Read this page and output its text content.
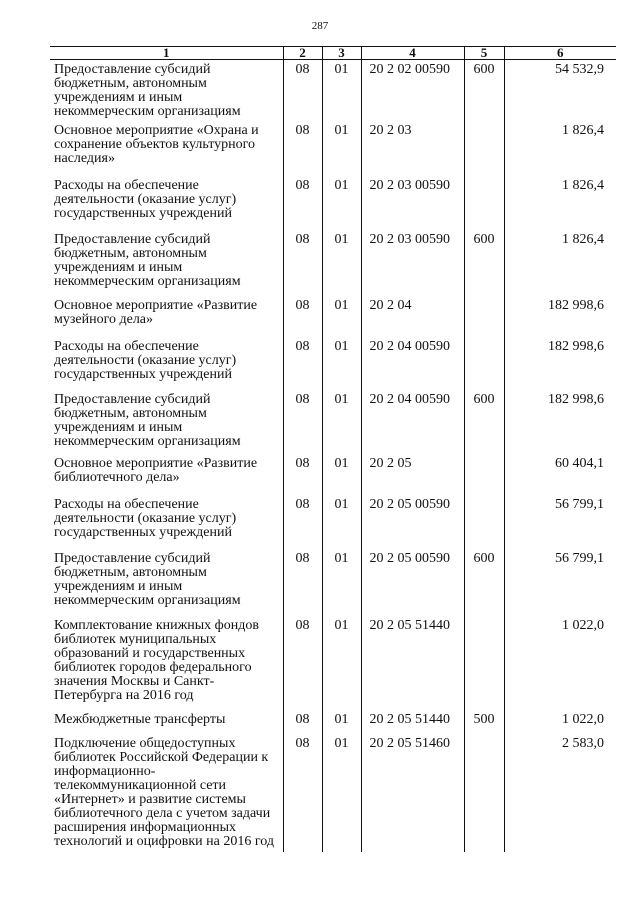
287
1	2	3	4	5	6
Предоставление субсидий бюджетным, автономным учреждениям и иным некоммерческим организациям	08	01	20 2 02 00590	600	54 532,9
Основное мероприятие «Охрана и сохранение объектов культурного наследия»	08	01	20 2 03		1 826,4
Расходы на обеспечение деятельности (оказание услуг) государственных учреждений	08	01	20 2 03 00590		1 826,4
Предоставление субсидий бюджетным, автономным учреждениям и иным некоммерческим организациям	08	01	20 2 03 00590	600	1 826,4
Основное мероприятие «Развитие музейного дела»	08	01	20 2 04		182 998,6
Расходы на обеспечение деятельности (оказание услуг) государственных учреждений	08	01	20 2 04 00590		182 998,6
Предоставление субсидий бюджетным, автономным учреждениям и иным некоммерческим организациям	08	01	20 2 04 00590	600	182 998,6
Основное мероприятие «Развитие библиотечного дела»	08	01	20 2 05		60 404,1
Расходы на обеспечение деятельности (оказание услуг) государственных учреждений	08	01	20 2 05 00590		56 799,1
Предоставление субсидий бюджетным, автономным учреждениям и иным некоммерческим организациям	08	01	20 2 05 00590	600	56 799,1
Комплектование книжных фондов библиотек муниципальных образований и государственных библиотек городов федерального значения Москвы и Санкт-Петербурга на 2016 год	08	01	20 2 05 51440		1 022,0
Межбюджетные трансферты	08	01	20 2 05 51440	500	1 022,0
Подключение общедоступных библиотек Российской Федерации к информационно-телекоммуникационной сети «Интернет» и развитие системы библиотечного дела с учетом задачи расширения информационных технологий и оцифровки на 2016 год	08	01	20 2 05 51460		2 583,0
